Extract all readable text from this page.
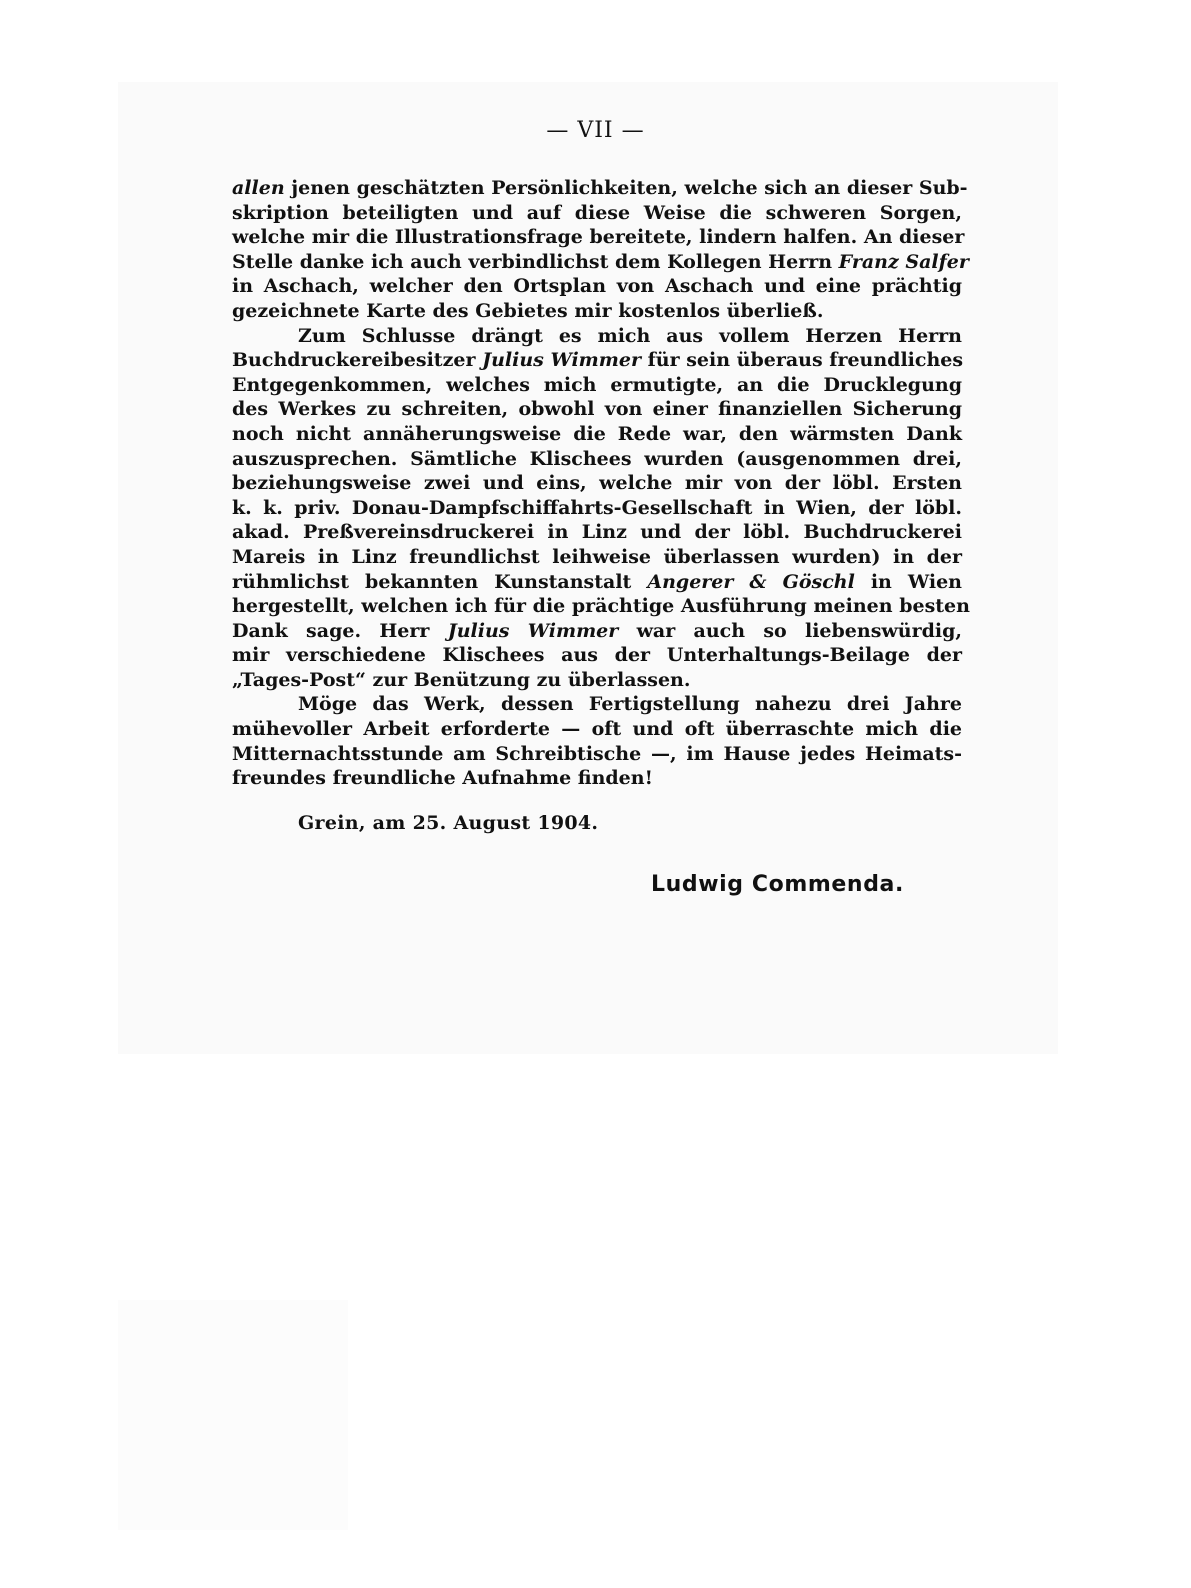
— VII —
allen jenen geschätzten Persönlichkeiten, welche sich an dieser Sub-
skription beteiligten und auf diese Weise die schweren Sorgen,
welche mir die Illustrationsfrage bereitete, lindern halfen. An dieser
Stelle danke ich auch verbindlichst dem Kollegen Herrn Franz Salfer
in Aschach, welcher den Ortsplan von Aschach und eine prächtig
gezeichnete Karte des Gebietes mir kostenlos überließ.
Zum Schlusse drängt es mich aus vollem Herzen Herrn
Buchdruckereibesitzer Julius Wimmer für sein überaus freundliches
Entgegenkommen, welches mich ermutigte, an die Drucklegung
des Werkes zu schreiten, obwohl von einer finanziellen Sicherung
noch nicht annäherungsweise die Rede war, den wärmsten Dank
auszusprechen. Sämtliche Klischees wurden (ausgenommen drei,
beziehungsweise zwei und eins, welche mir von der löbl. Ersten
k. k. priv. Donau-Dampfschiffahrts-Gesellschaft in Wien, der löbl.
akad. Preßvereinsdruckerei in Linz und der löbl. Buchdruckerei
Mareis in Linz freundlichst leihweise überlassen wurden) in der
rühmlichst bekannten Kunstanstalt Angerer & Göschl in Wien
hergestellt, welchen ich für die prächtige Ausführung meinen besten
Dank sage. Herr Julius Wimmer war auch so liebenswürdig,
mir verschiedene Klischees aus der Unterhaltungs-Beilage der
„Tages-Post“ zur Benützung zu überlassen.
Möge das Werk, dessen Fertigstellung nahezu drei Jahre
mühevoller Arbeit erforderte — oft und oft überraschte mich die
Mitternachtsstunde am Schreibtische —, im Hause jedes Heimats-
freundes freundliche Aufnahme finden!
Grein, am 25. August 1904.
Ludwig Commenda.
